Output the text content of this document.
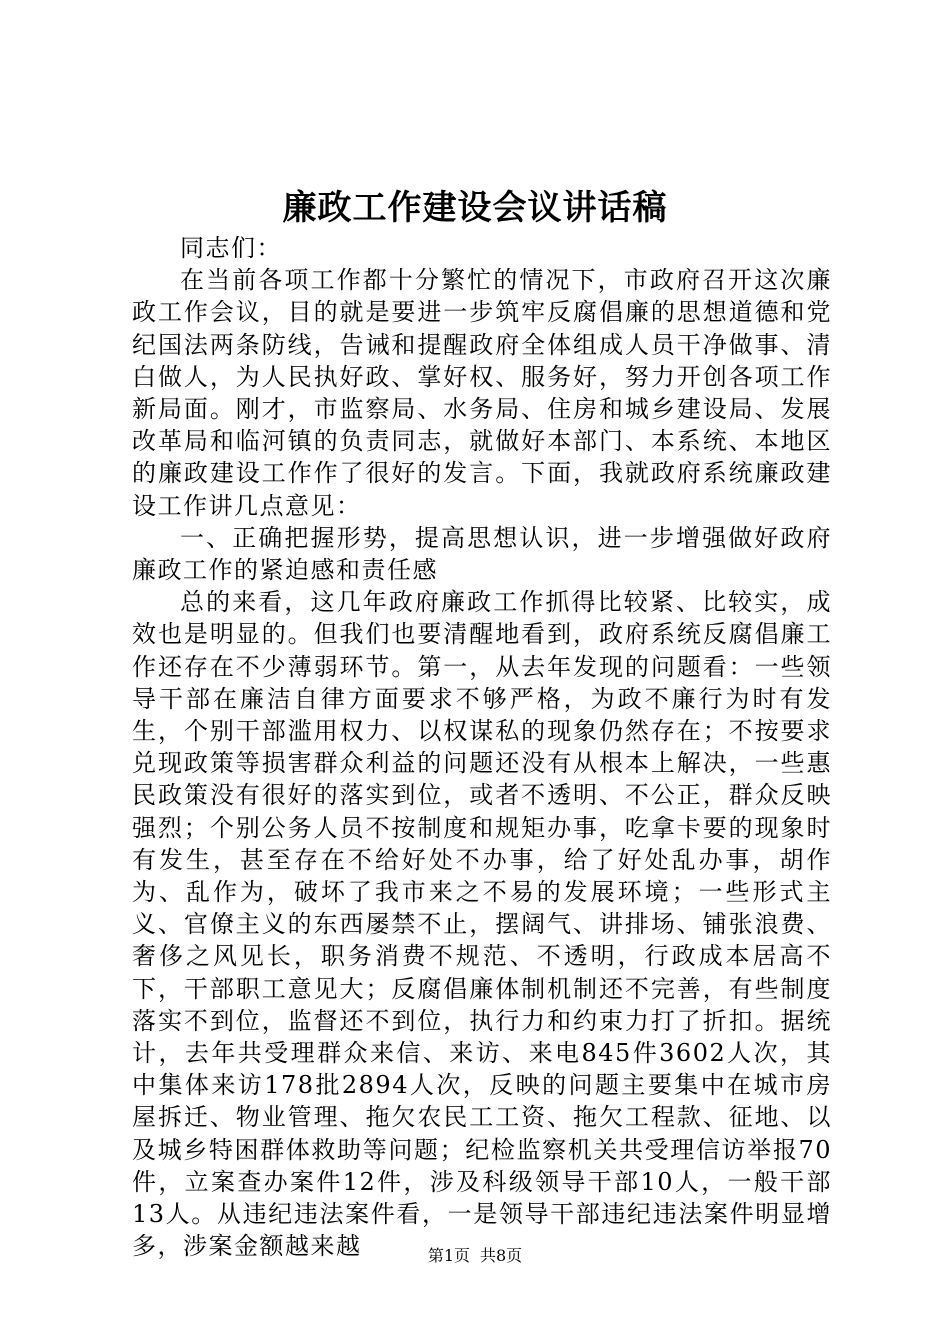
廉政工作建设会议讲话稿

同志们：

在当前各项工作都十分繁忙的情况下，市政府召开这次廉政工作会议，目的就是要进一步筑牢反腐倡廉的思想道德和党纪国法两条防线，告诫和提醒政府全体组成人员干净做事、清白做人，为人民执好政、掌好权、服务好，努力开创各项工作新局面。刚才，市监察局、水务局、住房和城乡建设局、发展改革局和临河镇的负责同志，就做好本部门、本系统、本地区的廉政建设工作作了很好的发言。下面，我就政府系统廉政建设工作讲几点意见：

一、正确把握形势，提高思想认识，进一步增强做好政府廉政工作的紧迫感和责任感

总的来看，这几年政府廉政工作抓得比较紧、比较实，成效也是明显的。但我们也要清醒地看到，政府系统反腐倡廉工作还存在不少薄弱环节。第一，从去年发现的问题看：一些领导干部在廉洁自律方面要求不够严格，为政不廉行为时有发生，个别干部滥用权力、以权谋私的现象仍然存在；不按要求兑现政策等损害群众利益的问题还没有从根本上解决，一些惠民政策没有很好的落实到位，或者不透明、不公正，群众反映强烈；个别公务人员不按制度和规矩办事，吃拿卡要的现象时有发生，甚至存在不给好处不办事，给了好处乱办事，胡作为、乱作为，破坏了我市来之不易的发展环境；一些形式主义、官僚主义的东西屡禁不止，摆阔气、讲排场、铺张浪费、奢侈之风见长，职务消费不规范、不透明，行政成本居高不下，干部职工意见大；反腐倡廉体制机制还不完善，有些制度落实不到位，监督还不到位，执行力和约束力打了折扣。据统计，去年共受理群众来信、来访、来电845件3602人次，其中集体来访178批2894人次，反映的问题主要集中在城市房屋拆迁、物业管理、拖欠农民工工资、拖欠工程款、征地、以及城乡特困群体救助等问题；纪检监察机关共受理信访举报70件，立案查办案件12件，涉及科级领导干部10人，一般干部13人。从违纪违法案件看，一是领导干部违纪违法案件明显增多，涉案金额越来越	第1页 共8页
